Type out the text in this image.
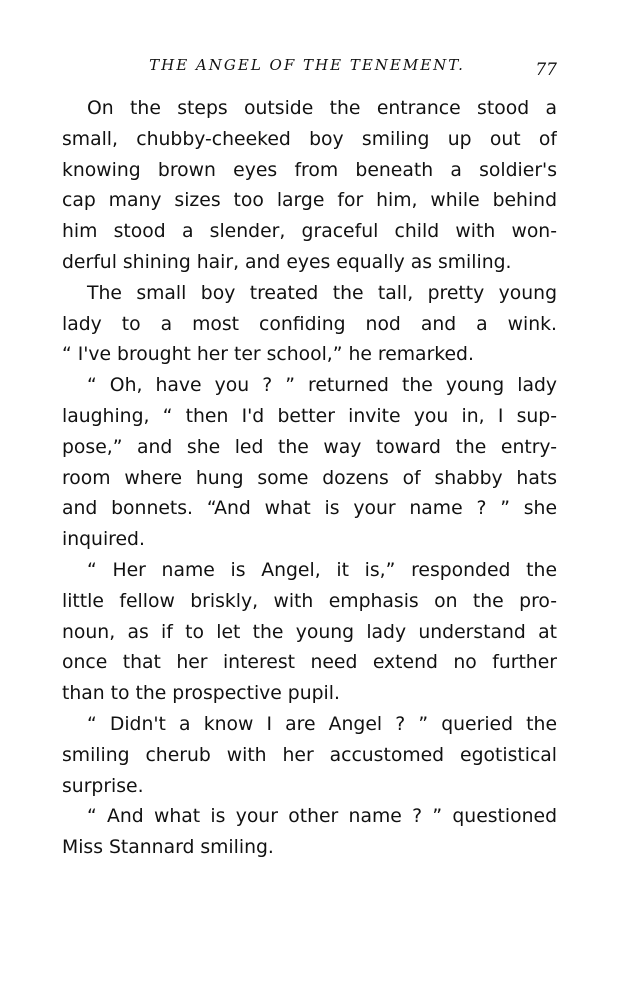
THE ANGEL OF THE TENEMENT.	77
On the steps outside the entrance stood a
small, chubby-cheeked boy smiling up out of
knowing brown eyes from beneath a soldier's
cap many sizes too large for him, while behind
him stood a slender, graceful child with won-
derful shining hair, and eyes equally as smiling.
The small boy treated the tall, pretty young
lady to a most confiding nod and a wink.
“ I've brought her ter school,” he remarked.
“ Oh, have you ? ” returned the young lady
laughing, “ then I'd better invite you in, I sup-
pose,” and she led the way toward the entry-
room where hung some dozens of shabby hats
and bonnets. “And what is your name ? ” she
inquired.
“ Her name is Angel, it is,” responded the
little fellow briskly, with emphasis on the pro-
noun, as if to let the young lady understand at
once that her interest need extend no further
than to the prospective pupil.
“ Didn't a know I are Angel ? ” queried the
smiling cherub with her accustomed egotistical
surprise.
“ And what is your other name ? ” questioned
Miss Stannard smiling.
